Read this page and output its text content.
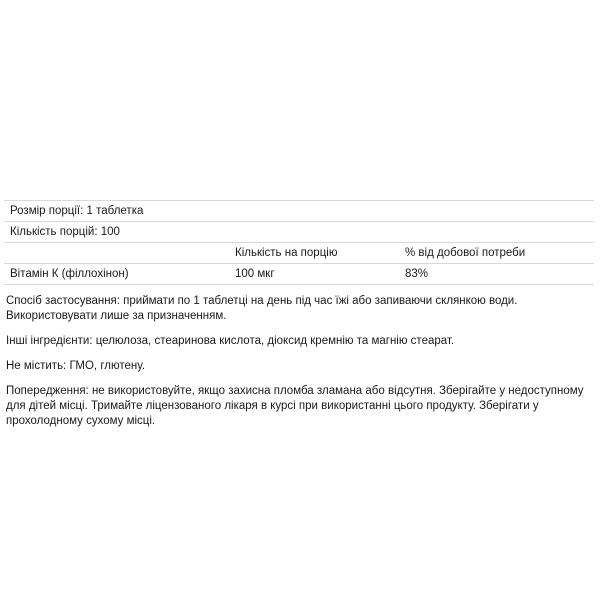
Розмір порції: 1 таблетка		
Кількість порцій: 100		
	Кількість на порцію	% від добової потреби
Вітамін К (філлохінон)	100 мкг	83%

Спосіб застосування: приймати по 1 таблетці на день під час їжі або запиваючи склянкою води. Використовувати лише за призначенням.

Інші інгредієнти: целюлоза, стеаринова кислота, діоксид кремнію та магнію стеарат.

Не містить: ГМО, глютену.

Попередження: не використовуйте, якщо захисна пломба зламана або відсутня. Зберігайте у недоступному для дітей місці. Тримайте ліцензованого лікаря в курсі при використанні цього продукту. Зберігати у прохолодному сухому місці.
